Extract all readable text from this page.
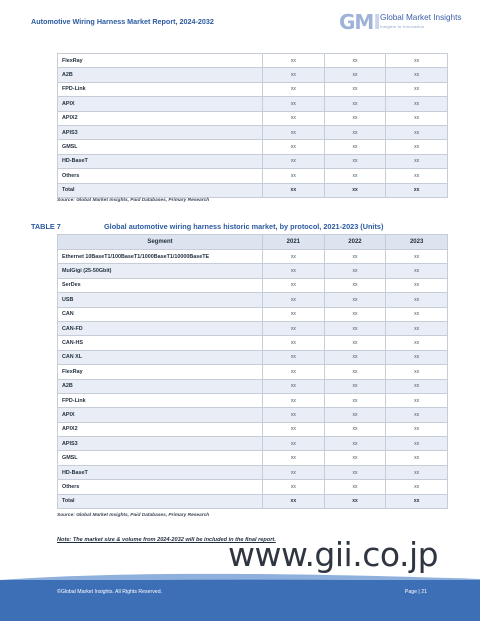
Automotive Wiring Harness Market Report, 2024-2032	GMI Global Market Insights
Insights to Innovation
FlexRay	xx	xx	xx
A2B	xx	xx	xx
FPD-Link	xx	xx	xx
APIX	xx	xx	xx
APIX2	xx	xx	xx
APIS3	xx	xx	xx
GMSL	xx	xx	xx
HD-BaseT	xx	xx	xx
Others	xx	xx	xx
Total	xx	xx	xx
Source: Global Market Insights, Paid Databases, Primary Research
TABLE 7	Global automotive wiring harness historic market, by protocol, 2021-2023 (Units)
Segment	2021	2022	2023
Ethernet 10BaseT1/100BaseT1/1000BaseT1/10000BaseTE	xx	xx	xx
MulGigi (25-50Gbit)	xx	xx	xx
SerDes	xx	xx	xx
USB	xx	xx	xx
CAN	xx	xx	xx
CAN-FD	xx	xx	xx
CAN-HS	xx	xx	xx
CAN XL	xx	xx	xx
FlexRay	xx	xx	xx
A2B	xx	xx	xx
FPD-Link	xx	xx	xx
APIX	xx	xx	xx
APIX2	xx	xx	xx
APIS3	xx	xx	xx
GMSL	xx	xx	xx
HD-BaseT	xx	xx	xx
Others	xx	xx	xx
Total	xx	xx	xx
Source: Global Market Insights, Paid Databases, Primary Research
Note: The market size & volume from 2024-2032 will be included in the final report.
www.gii.co.jp
©Global Market Insights. All Rights Reserved.	Page | 21
